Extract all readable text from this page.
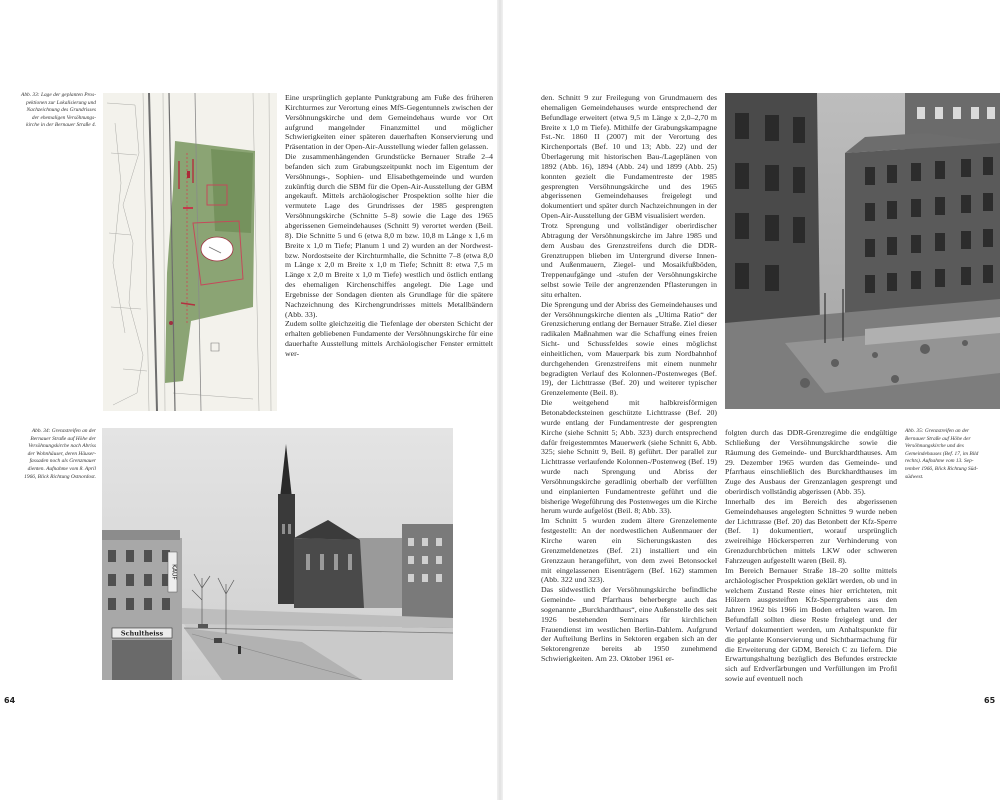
Abb. 33: Lage der geplanten Pros-
pektionen zur Lokalisierung und
Nachzeichnung des Grundrisses
der ehemaligen Versöhnungs-
kirche in der Bernauer Straße 4.
Abb. 34: Grenzstreifen an der
Bernauer Straße auf Höhe der
Versöhnungskirche nach Abriss
der Wohnhäuser, deren Häuser-
fassaden noch als Grenzmauer
dienten. Aufnahme vom 8. April
1966, Blick Richtung Ostnordost.
Schultheiss
KAUF

Eine ursprünglich geplante Punktgrabung am Fuße des früheren Kirchturmes zur Verortung eines MfS-Gegentunnels zwischen der Versöhnungskirche und dem Gemeindehaus wurde vor Ort aufgrund mangelnder Finanzmittel und möglicher Schwierigkeiten einer späteren dauerhaften Konservierung und Präsentation in der Open-Air-Ausstellung wieder fallen gelassen.

Die zusammenhängenden Grundstücke Bernauer Straße 2–4 befanden sich zum Grabungszeitpunkt noch im Eigentum der Versöhnungs-, Sophien- und Elisabethgemeinde und wurden zukünftig durch die SBM für die Open-Air-Ausstellung der GBM angekauft. Mittels archäologischer Prospektion sollte hier die vermutete Lage des Grundrisses der 1985 gesprengten Versöhnungskirche (Schnitte 5–8) sowie die Lage des 1965 abgerissenen Gemeindehauses (Schnitt 9) verortet werden (Beil. 8). Die Schnitte 5 und 6 (etwa 8,0 m bzw. 10,8 m Länge x 1,6 m Breite x 1,0 m Tiefe; Planum 1 und 2) wurden an der Nordwest- bzw. Nordostseite der Kirchturmhalle, die Schnitte 7–8 (etwa 8,0 m Länge x 2,0 m Breite x 1,0 m Tiefe; Schnitt 8: etwa 7,5 m Länge x 2,0 m Breite x 1,0 m Tiefe) westlich und östlich entlang des ehemaligen Kirchenschiffes angelegt. Die Lage und Ergebnisse der Sondagen dienten als Grundlage für die spätere Nachzeichnung des Kirchengrundrisses mittels Metallbändern (Abb. 33).

Zudem sollte gleichzeitig die Tiefenlage der obersten Schicht der erhalten gebliebenen Fundamente der Versöhnungskirche für eine dauerhafte Ausstellung mittels Archäologischer Fenster ermittelt wer-

64

den. Schnitt 9 zur Freilegung von Grundmauern des ehemaligen Gemeindehauses wurde entsprechend der Befundlage erweitert (etwa 9,5 m Länge x 2,0–2,70 m Breite x 1,0 m Tiefe). Mithilfe der Grabungskampagne Fst.-Nr. 1860 II (2007) mit der Verortung des Kirchenportals (Bef. 10 und 13; Abb. 22) und der Überlagerung mit historischen Bau-/Lageplänen von 1892 (Abb. 16), 1894 (Abb. 24) und 1899 (Abb. 25) konnten gezielt die Fundamentreste der 1985 gesprengten Versöhnungskirche und des 1965 abgerissenen Gemeindehauses freigelegt und dokumentiert und später durch Nachzeichnungen in der Open-Air-Ausstellung der GBM visualisiert werden.

Trotz Sprengung und vollständiger oberirdischer Abtragung der Versöhnungskirche im Jahre 1985 und dem Ausbau des Grenzstreifens durch die DDR-Grenztruppen blieben im Untergrund diverse Innen- und Außenmauern, Ziegel- und Mosaikfußböden, Treppenaufgänge und -stufen der Versöhnungskirche selbst sowie Teile der angrenzenden Pflasterungen in situ erhalten.

Die Sprengung und der Abriss des Gemeindehauses und der Versöhnungskirche dienten als „Ultima Ratio“ der Grenzsicherung entlang der Bernauer Straße. Ziel dieser radikalen Maßnahmen war die Schaffung eines freien Sicht- und Schussfeldes sowie eines möglichst einheitlichen, vom Mauerpark bis zum Nordbahnhof durchgehenden Grenzstreifens mit einem nunmehr begradigten Verlauf des Kolonnen-/Postenweges (Bef. 19), der Lichttrasse (Bef. 20) und weiterer typischer Grenzelemente (Beil. 8).

Die weitgehend mit halbkreisförmigen Betonabdecksteinen geschützte Lichttrasse (Bef. 20) wurde entlang der Fundamentreste der gesprengten Kirche (siehe Schnitt 5; Abb. 323) durch entsprechend dafür freigestemmtes Mauerwerk (siehe Schnitt 6, Abb. 325; siehe Schnitt 9, Beil. 8) geführt. Der parallel zur Lichttrasse verlaufende Kolonnen-/Postenweg (Bef. 19) wurde nach Sprengung und Abriss der Versöhnungskirche geradlinig oberhalb der verfüllten und einplanierten Fundamentreste geführt und die bisherige Wegeführung des Postenweges um die Kirche herum wurde aufgelöst (Beil. 8; Abb. 33).

Im Schnitt 5 wurden zudem ältere Grenzelemente festgestellt: An der nordwestlichen Außenmauer der Kirche waren ein Sicherungskasten des Grenzmeldenetzes (Bef. 21) installiert und ein Grenzzaun herangeführt, von dem zwei Betonsockel mit eingelassenen Eisenträgern (Bef. 162) stammen (Abb. 322 und 323).

Das südwestlich der Versöhnungskirche befindliche Gemeinde- und Pfarrhaus beherbergte auch das sogenannte „Burckhardthaus“, eine Außenstelle des seit 1926 bestehenden Seminars für kirchlichen Frauendienst im westlichen Berlin-Dahlem. Aufgrund der Aufteilung Berlins in Sektoren ergaben sich an der Sektorengrenze bereits ab 1950 zunehmend Schwierigkeiten. Am 23. Oktober 1961 er-

Abb. 35: Grenzstreifen an der
Bernauer Straße auf Höhe der
Versöhnungskirche und des
Gemeindehauses (Bef. 17, im Bild
rechts). Aufnahme vom 13. Sep-
tember 1966, Blick Richtung Süd-
südwest.

folgten durch das DDR-Grenzregime die endgültige Schließung der Versöhnungskirche sowie die Räumung des Gemeinde- und Burckhardthauses. Am 29. Dezember 1965 wurden das Gemeinde- und Pfarrhaus einschließlich des Burckhardthauses im Zuge des Ausbaus der Grenzanlagen gesprengt und oberirdisch vollständig abgerissen (Abb. 35).

Innerhalb des im Bereich des abgerissenen Gemeindehauses angelegten Schnittes 9 wurde neben der Lichttrasse (Bef. 20) das Betonbett der Kfz-Sperre (Bef. 1) dokumentiert, worauf ursprünglich zweireihige Höckersperren zur Verhinderung von Grenzdurchbrüchen mittels LKW oder schweren Fahrzeugen aufgestellt waren (Beil. 8).

Im Bereich Bernauer Straße 18–20 sollte mittels archäologischer Prospektion geklärt werden, ob und in welchem Zustand Reste eines hier errichteten, mit Hölzern ausgesteiften Kfz-Sperrgrabens aus den Jahren 1962 bis 1966 im Boden erhalten waren. Im Befundfall sollten diese Reste freigelegt und der Verlauf dokumentiert werden, um Anhaltspunkte für die geplante Konservierung und Sichtbarmachung für die Erweiterung der GDM, Bereich C zu liefern. Die Erwartungshaltung bezüglich des Befundes erstreckte sich auf Erdverfärbungen und Verfüllungen im Profil sowie auf eventuell noch

65
